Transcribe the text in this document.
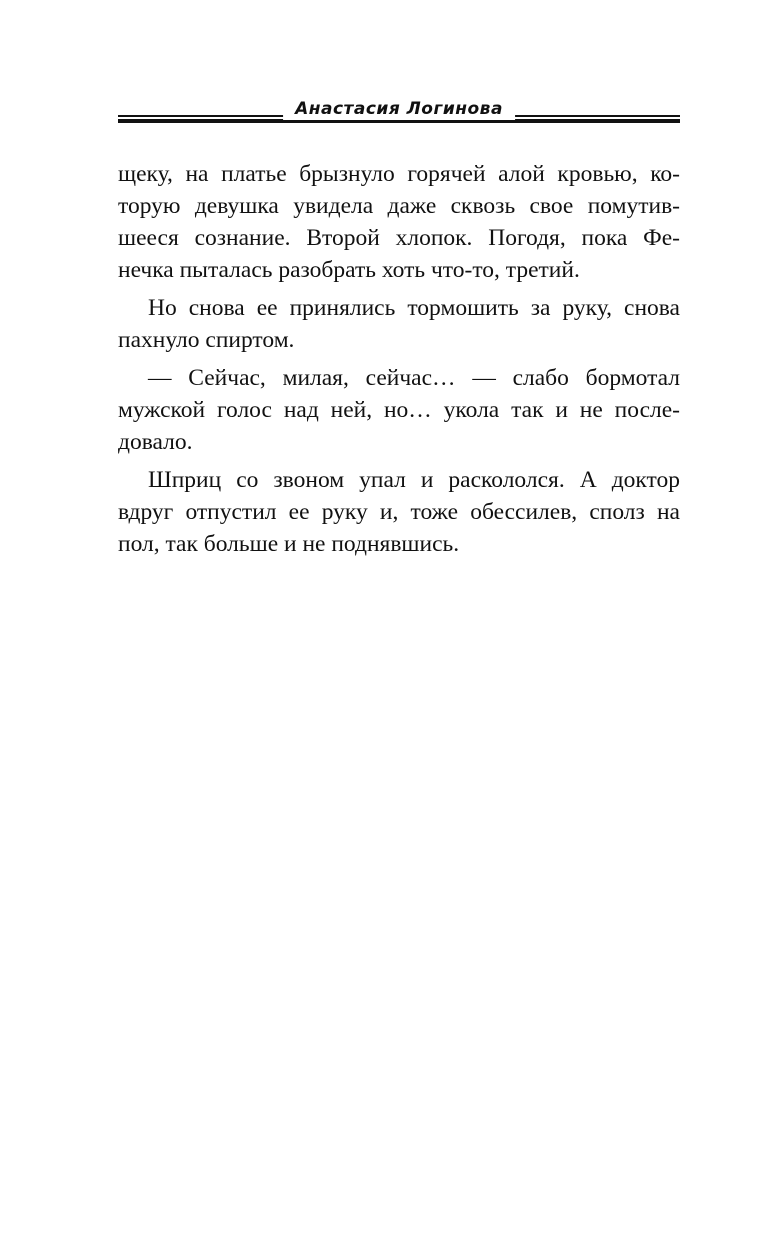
Анастасия Логинова

щеку, на платье брызнуло горячей алой кровью, ко-
торую девушка увидела даже сквозь свое помутив-
шееся сознание. Второй хлопок. Погодя, пока Фе-
нечка пыталась разобрать хоть что-то, третий.

Но снова ее принялись тормошить за руку, снова
пахнуло спиртом.

— Сейчас, милая, сейчас… — слабо бормотал
мужской голос над ней, но… укола так и не после-
довало.

Шприц со звоном упал и раскололся. А доктор
вдруг отпустил ее руку и, тоже обессилев, сполз на
пол, так больше и не поднявшись.
